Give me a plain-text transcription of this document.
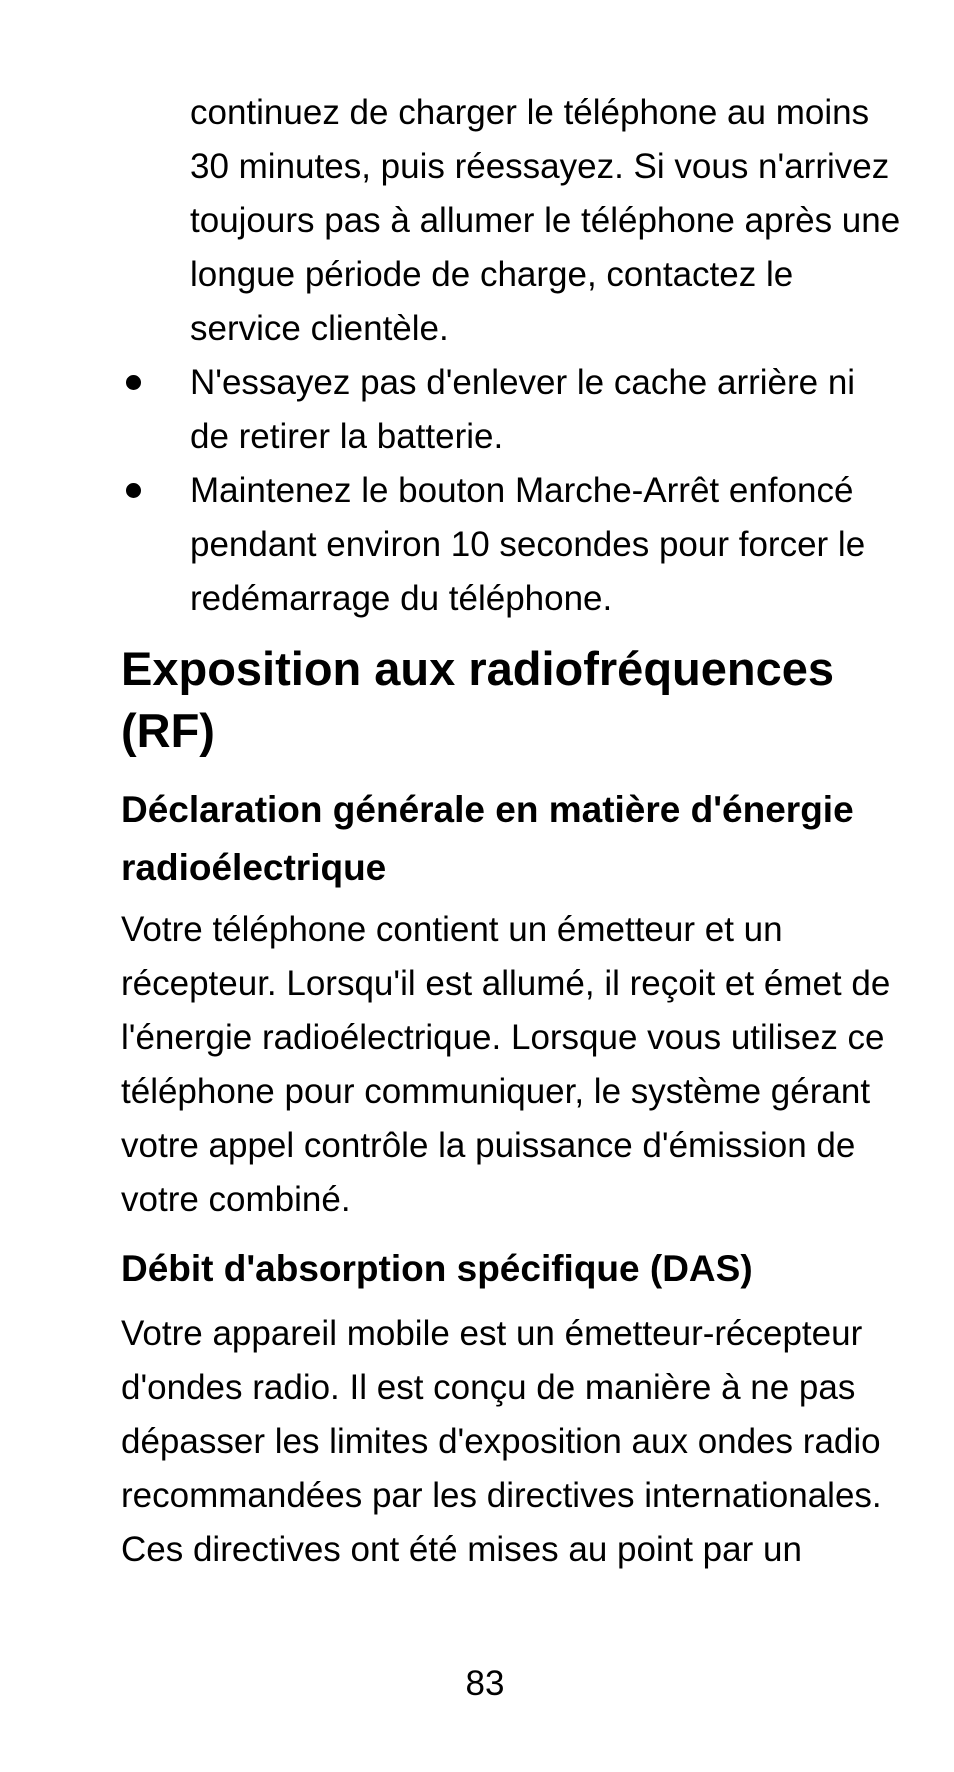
continuez de charger le téléphone au moins 30 minutes, puis réessayez. Si vous n'arrivez toujours pas à allumer le téléphone après une longue période de charge, contactez le service clientèle.

N'essayez pas d'enlever le cache arrière ni de retirer la batterie.
Maintenez le bouton Marche-Arrêt enfoncé pendant environ 10 secondes pour forcer le redémarrage du téléphone.
Exposition aux radiofréquences (RF)
Déclaration générale en matière d'énergie radioélectrique

Votre téléphone contient un émetteur et un récepteur. Lorsqu'il est allumé, il reçoit et émet de l'énergie radioélectrique. Lorsque vous utilisez ce téléphone pour communiquer, le système gérant votre appel contrôle la puissance d'émission de votre combiné.

Débit d'absorption spécifique (DAS)

Votre appareil mobile est un émetteur-récepteur d'ondes radio. Il est conçu de manière à ne pas dépasser les limites d'exposition aux ondes radio recommandées par les directives internationales. Ces directives ont été mises au point par un

83
